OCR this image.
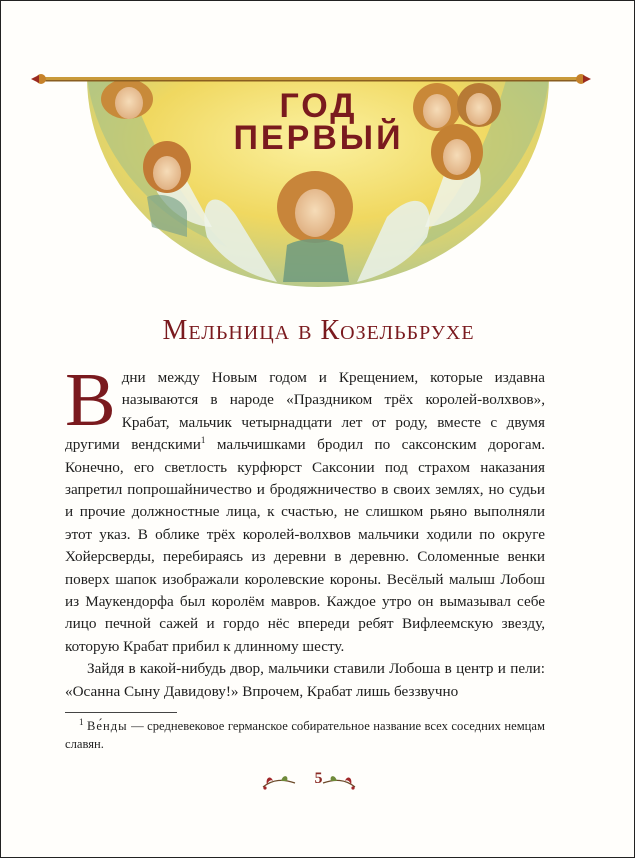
ГОД
ПЕРВЫЙ
Мельница в Козельбрухе

Вдни между Новым годом и Крещением, которые издавна называются в народе «Праздником трёх королей-волхвов», Крабат, мальчик четырнадцати лет от роду, вместе с двумя другими вендскими$^1$ мальчишками бродил по саксонским дорогам. Конечно, его светлость курфюрст Саксонии под страхом наказания запретил попрошайничество и бродяжничество в своих землях, но судьи и прочие должностные лица, к счастью, не слишком рьяно выполняли этот указ. В облике трёх королей-волхвов мальчики ходили по округе Хойерсверды, перебираясь из деревни в деревню. Соломенные венки поверх шапок изображали королевские короны. Весёлый малыш Лобош из Маукендорфа был королём мавров. Каждое утро он вымазывал себе лицо печной сажей и гордо нёс впереди ребят Вифлеемскую звезду, которую Крабат прибил к длинному шесту.

Зайдя в какой-нибудь двор, мальчики ставили Лобоша в центр и пели: «Осанна Сыну Давидову!» Впрочем, Крабат лишь беззвучно

$^1$ Ве́нды — средневековое германское собирательное название всех соседних немцам славян.

5
